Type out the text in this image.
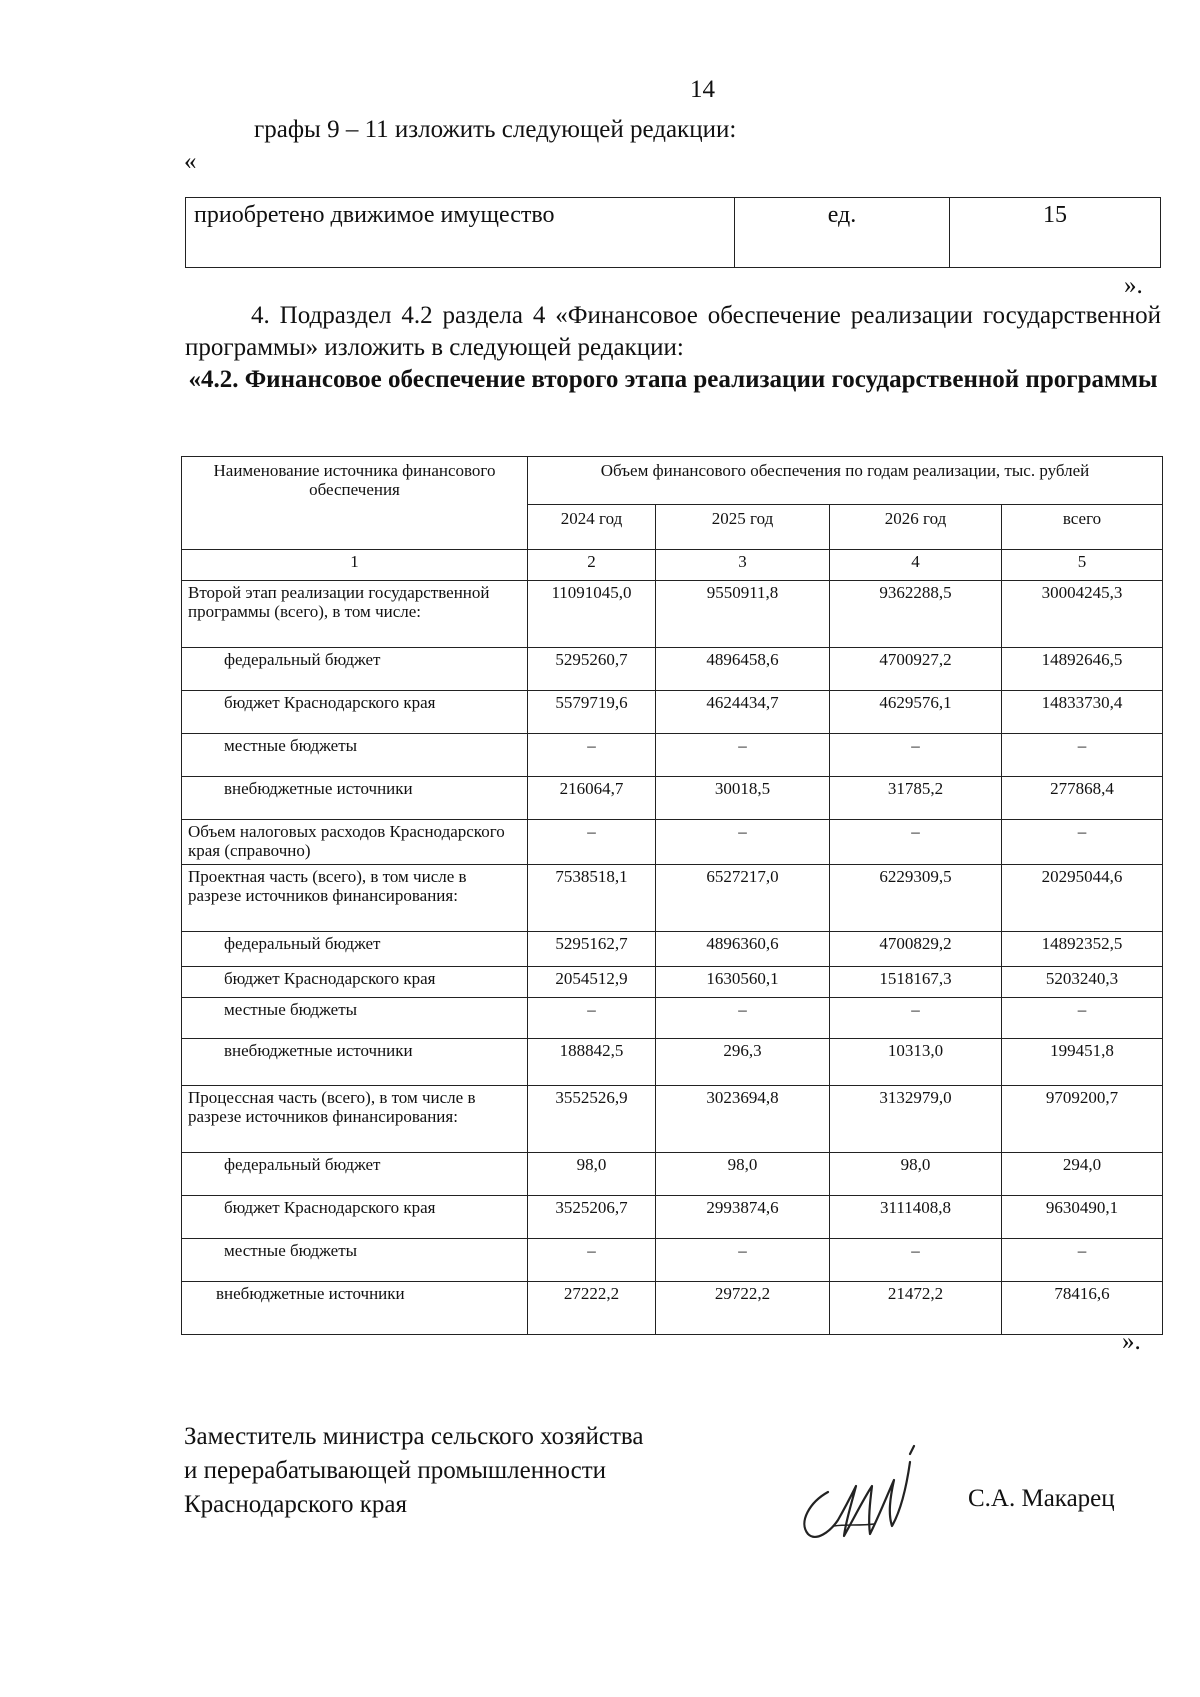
14
графы 9 – 11 изложить следующей редакции:
«
приобретено движимое имущество	ед.	15
».
4. Подраздел 4.2 раздела 4 «Финансовое обеспечение реализации государственной программы» изложить в следующей редакции:
«4.2. Финансовое обеспечение второго этапа реализации государственной программы
Наименование источника финансового обеспечения	Объем финансового обеспечения по годам реализации, тыс. рублей			
	2024 год	2025 год	2026 год	всего
1	2	3	4	5
Второй этап реализации государственной программы (всего), в том числе:	11091045,0	9550911,8	9362288,5	30004245,3
федеральный бюджет	5295260,7	4896458,6	4700927,2	14892646,5
бюджет Краснодарского края	5579719,6	4624434,7	4629576,1	14833730,4
местные бюджеты	–	–	–	–
внебюджетные источники	216064,7	30018,5	31785,2	277868,4
Объем налоговых расходов Краснодарского края (справочно)	–	–	–	–
Проектная часть (всего), в том числе в разрезе источников финансирования:	7538518,1	6527217,0	6229309,5	20295044,6
федеральный бюджет	5295162,7	4896360,6	4700829,2	14892352,5
бюджет Краснодарского края	2054512,9	1630560,1	1518167,3	5203240,3
местные бюджеты	–	–	–	–
внебюджетные источники	188842,5	296,3	10313,0	199451,8
Процессная часть (всего), в том числе в разрезе источников финансирования:	3552526,9	3023694,8	3132979,0	9709200,7
федеральный бюджет	98,0	98,0	98,0	294,0
бюджет Краснодарского края	3525206,7	2993874,6	3111408,8	9630490,1
местные бюджеты	–	–	–	–
внебюджетные источники	27222,2	29722,2	21472,2	78416,6
».
Заместитель министра сельского хозяйства
и перерабатывающей промышленности
Краснодарского края	С.А. Макарец
